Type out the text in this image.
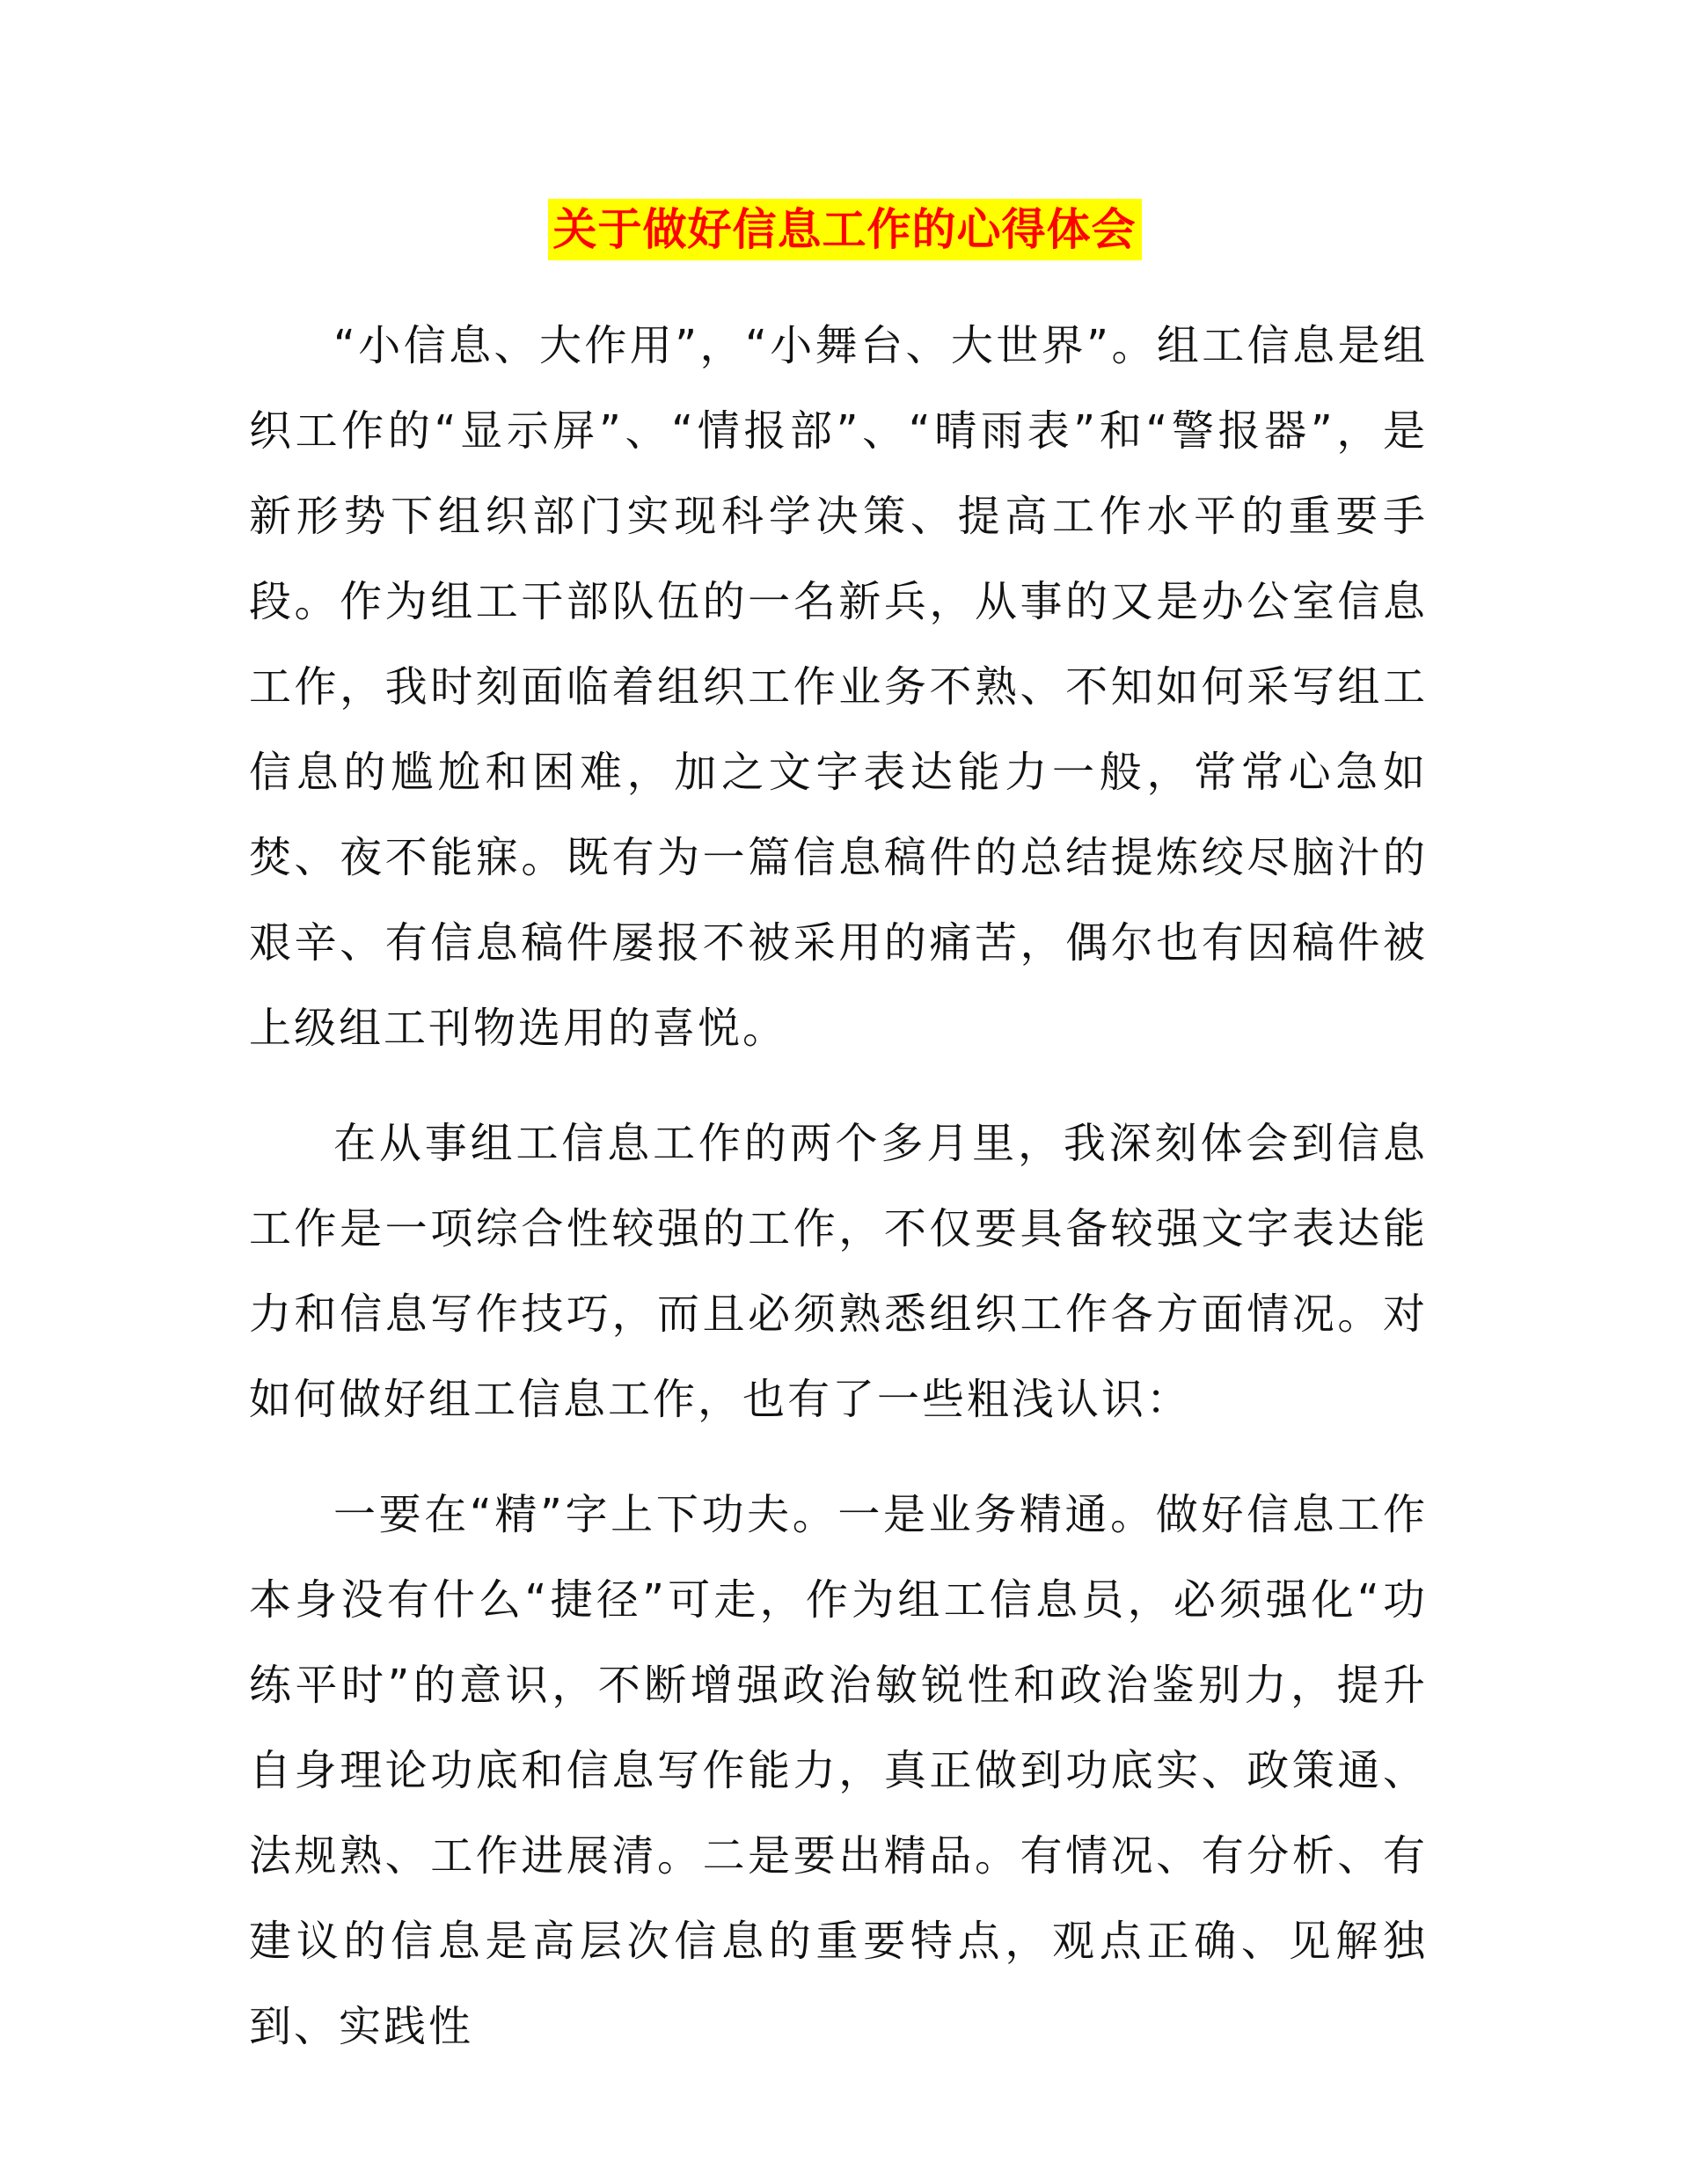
关于做好信息工作的心得体会

“小信息、大作用”，“小舞台、大世界”。组工信息是组织工作的“显示屏”、“情报部”、“晴雨表”和“警报器”，是新形势下组织部门实现科学决策、提高工作水平的重要手段。作为组工干部队伍的一名新兵，从事的又是办公室信息工作，我时刻面临着组织工作业务不熟、不知如何采写组工信息的尴尬和困难，加之文字表达能力一般，常常心急如焚、夜不能寐。既有为一篇信息稿件的总结提炼绞尽脑汁的艰辛、有信息稿件屡报不被采用的痛苦，偶尔也有因稿件被上级组工刊物选用的喜悦。

在从事组工信息工作的两个多月里，我深刻体会到信息工作是一项综合性较强的工作，不仅要具备较强文字表达能力和信息写作技巧，而且必须熟悉组织工作各方面情况。对如何做好组工信息工作，也有了一些粗浅认识：

一要在“精”字上下功夫。一是业务精通。做好信息工作本身没有什么“捷径”可走，作为组工信息员，必须强化“功练平时”的意识，不断增强政治敏锐性和政治鉴别力，提升自身理论功底和信息写作能力，真正做到功底实、政策通、法规熟、工作进展清。二是要出精品。有情况、有分析、有建议的信息是高层次信息的重要特点，观点正确、见解独到、实践性
